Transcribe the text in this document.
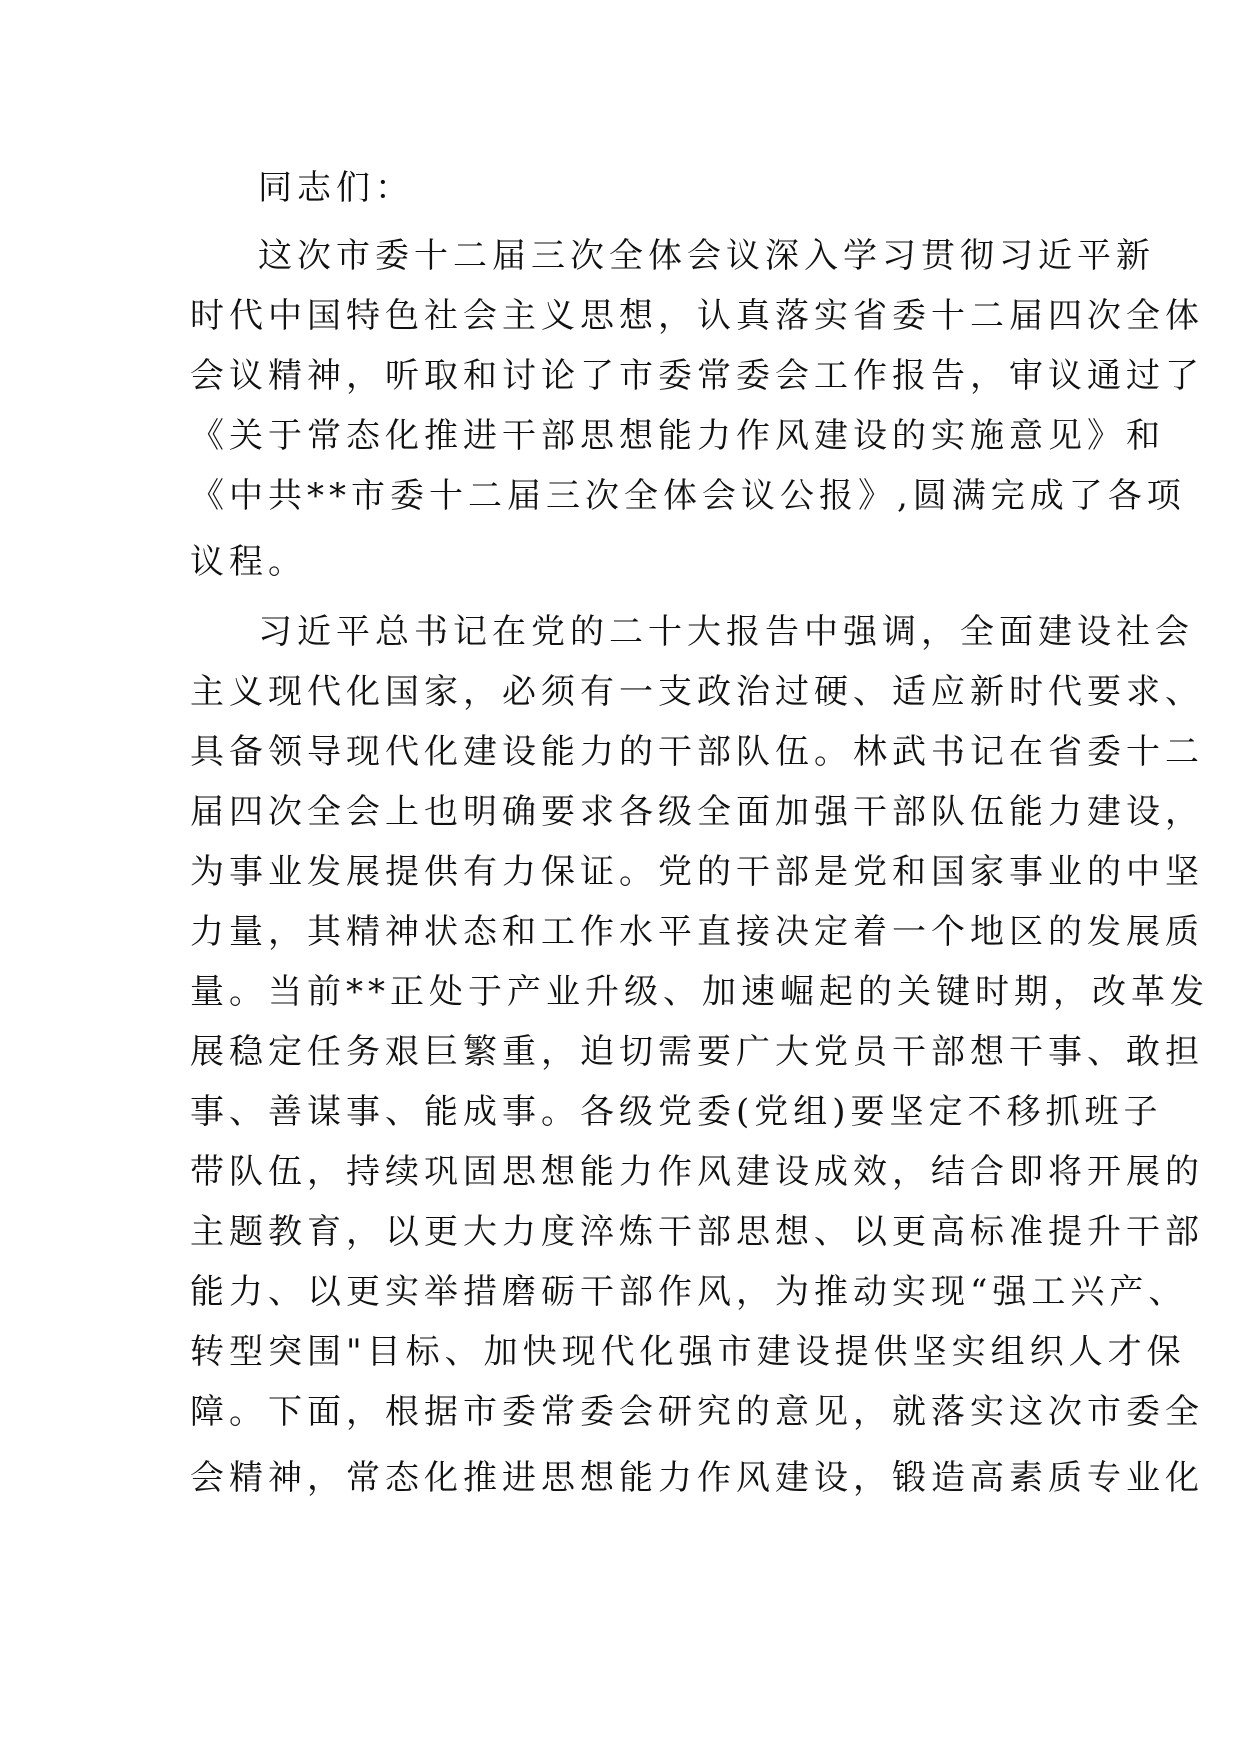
同志们：
这次市委十二届三次全体会议深入学习贯彻习近平新
时代中国特色社会主义思想，认真落实省委十二届四次全体
会议精神，听取和讨论了市委常委会工作报告，审议通过了
《关于常态化推进干部思想能力作风建设的实施意见》和
《中共**市委十二届三次全体会议公报》,圆满完成了各项
议程。
习近平总书记在党的二十大报告中强调，全面建设社会
主义现代化国家，必须有一支政治过硬、适应新时代要求、
具备领导现代化建设能力的干部队伍。林武书记在省委十二
届四次全会上也明确要求各级全面加强干部队伍能力建设，
为事业发展提供有力保证。党的干部是党和国家事业的中坚
力量，其精神状态和工作水平直接决定着一个地区的发展质
量。当前**正处于产业升级、加速崛起的关键时期，改革发
展稳定任务艰巨繁重，迫切需要广大党员干部想干事、敢担
事、善谋事、能成事。各级党委(党组)要坚定不移抓班子
带队伍，持续巩固思想能力作风建设成效，结合即将开展的
主题教育，以更大力度淬炼干部思想、以更高标准提升干部
能力、以更实举措磨砺干部作风，为推动实现“强工兴产、
转型突围"目标、加快现代化强市建设提供坚实组织人才保
障。下面，根据市委常委会研究的意见，就落实这次市委全
会精神，常态化推进思想能力作风建设，锻造高素质专业化
